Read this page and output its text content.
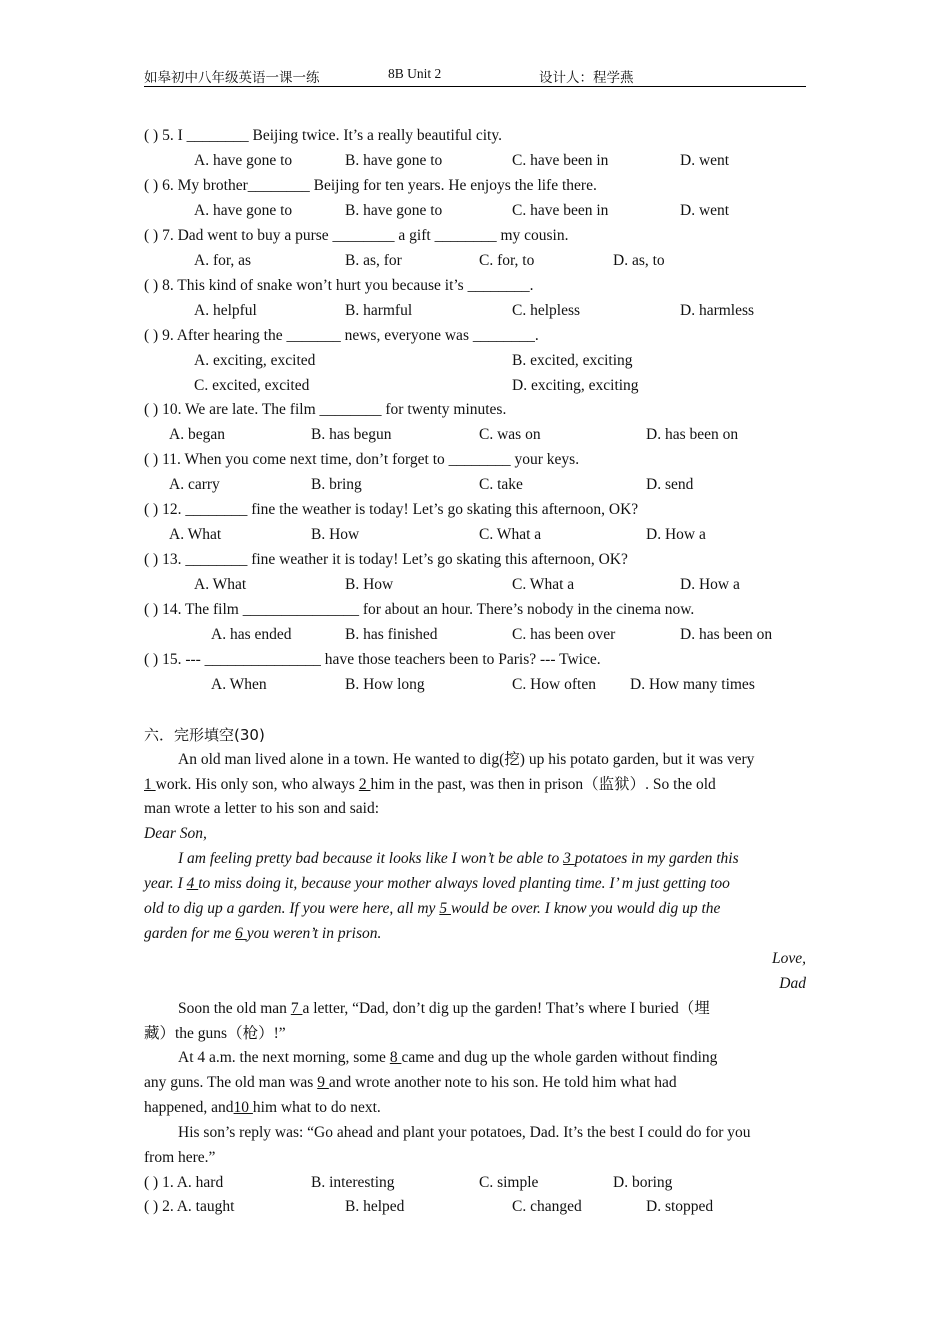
如皋初中八年级英语一课一练	8B Unit 2	设计人：程学燕
( ) 5. I ________ Beijing twice. It’s a really beautiful city.
A. have gone to	B. have gone to	C. have been in	D. went
( ) 6. My brother________ Beijing for ten years. He enjoys the life there.
A. have gone to	B. have gone to	C. have been in	D. went
( ) 7. Dad went to buy a purse ________ a gift ________ my cousin.
A. for, as	B. as, for	C. for, to	D. as, to
( ) 8. This kind of snake won’t hurt you because it’s ________.
A. helpful	B. harmful	C. helpless	D. harmless
( ) 9. After hearing the _______ news, everyone was ________.
A. exciting, excited	B. excited, exciting
C. excited, excited	D. exciting, exciting
( ) 10. We are late. The film ________ for twenty minutes.
A. began	B. has begun	C. was on	D. has been on
( ) 11. When you come next time, don’t forget to ________ your keys.
A. carry	B. bring	C. take	D. send
( ) 12. ________ fine the weather is today! Let’s go skating this afternoon, OK?
A. What	B. How	C. What a	D. How a
( ) 13. ________ fine weather it is today! Let’s go skating this afternoon, OK?
A. What	B. How	C. What a	D. How a
( ) 14. The film _______________ for about an hour. There’s nobody in the cinema now.
A. has ended	B. has finished	C. has been over	D. has been on
( ) 15. --- _______________ have those teachers been to Paris? --- Twice.
A. When	B. How long	C. How often D. How many times
六．完形填空(30)
An old man lived alone in a town. He wanted to dig(挖) up his potato garden, but it was very
1 work. His only son, who always 2 him in the past, was then in prison（监狱）. So the old
man wrote a letter to his son and said:
Dear Son,
I am feeling pretty bad because it looks like I won’t be able to 3 potatoes in my garden this
year. I 4 to miss doing it, because your mother always loved planting time. I’ m just getting too
old to dig up a garden. If you were here, all my 5 would be over. I know you would dig up the
garden for me 6 you weren’t in prison.
Love,
Dad
Soon the old man 7 a letter, “Dad, don’t dig up the garden! That’s where I buried（埋
藏）the guns（枪）!”
At 4 a.m. the next morning, some 8 came and dug up the whole garden without finding
any guns. The old man was 9 and wrote another note to his son. He told him what had
happened, and10 him what to do next.
His son’s reply was: “Go ahead and plant your potatoes, Dad. It’s the best I could do for you
from here.”
( ) 1. A. hard	B. interesting	C. simple	D. boring
( ) 2. A. taught	B. helped	C. changed	D. stopped
